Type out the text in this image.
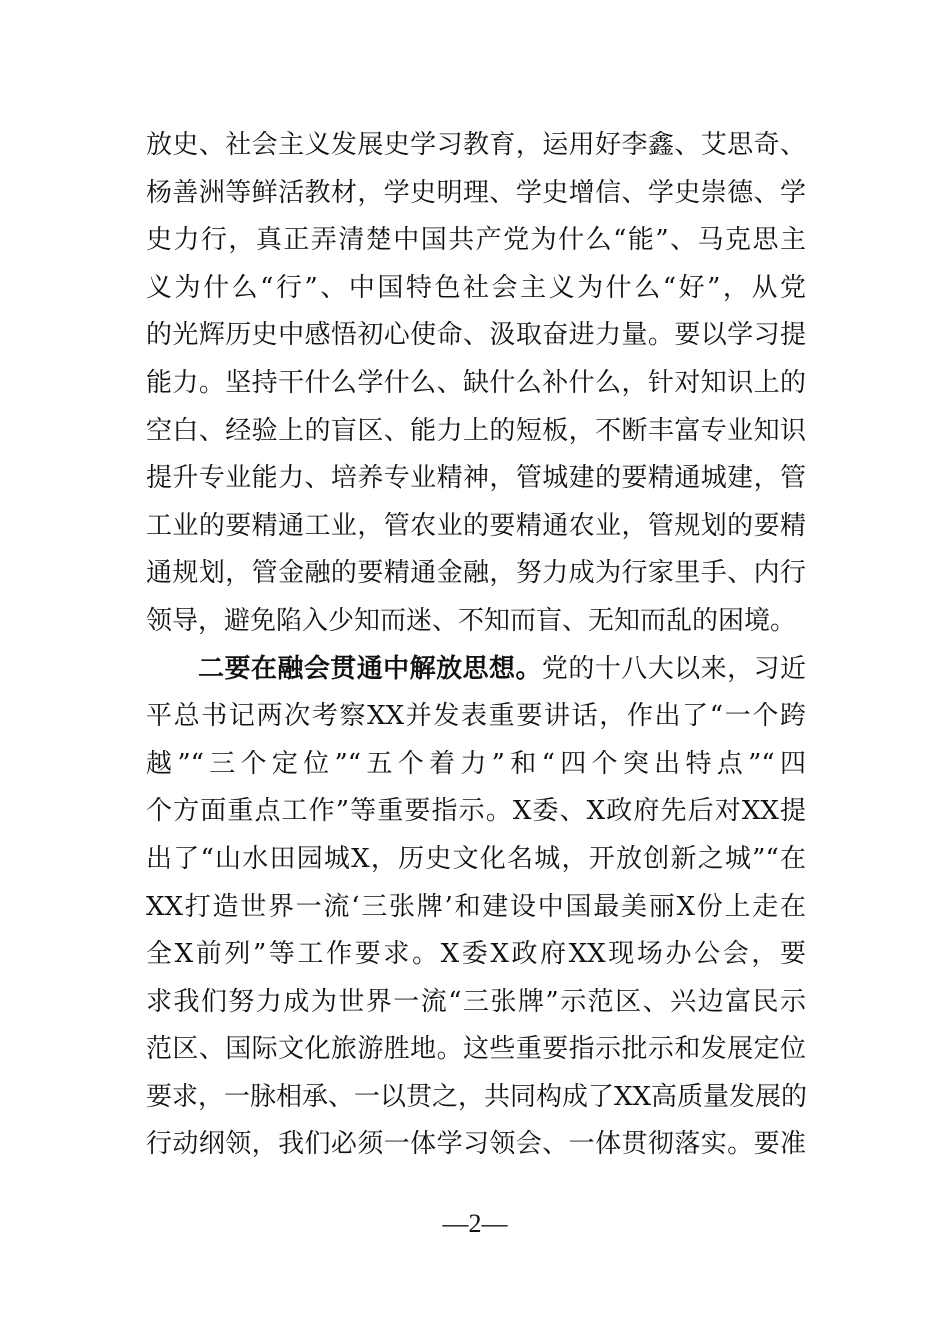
放史、社会主义发展史学习教育，运用好李鑫、艾思奇、
杨善洲等鲜活教材，学史明理、学史增信、学史崇德、学
史力行，真正弄清楚中国共产党为什么“能”、马克思主
义为什么“行”、中国特色社会主义为什么“好”，从党
的光辉历史中感悟初心使命、汲取奋进力量。要以学习提
能力。坚持干什么学什么、缺什么补什么，针对知识上的
空白、经验上的盲区、能力上的短板，不断丰富专业知识
提升专业能力、培养专业精神，管城建的要精通城建，管
工业的要精通工业，管农业的要精通农业，管规划的要精
通规划，管金融的要精通金融，努力成为行家里手、内行
领导，避免陷入少知而迷、不知而盲、无知而乱的困境。
二要在融会贯通中解放思想。党的十八大以来，习近
平总书记两次考察XX并发表重要讲话，作出了“一个跨
越”“三个定位”“五个着力”和“四个突出特点”“四
个方面重点工作”等重要指示。X委、X政府先后对XX提
出了“山水田园城X，历史文化名城，开放创新之城”“在
XX打造世界一流‘三张牌’和建设中国最美丽X份上走在
全X前列”等工作要求。X委X政府XX现场办公会，要
求我们努力成为世界一流“三张牌”示范区、兴边富民示
范区、国际文化旅游胜地。这些重要指示批示和发展定位
要求，一脉相承、一以贯之，共同构成了XX高质量发展的
行动纲领，我们必须一体学习领会、一体贯彻落实。要准
—2—
